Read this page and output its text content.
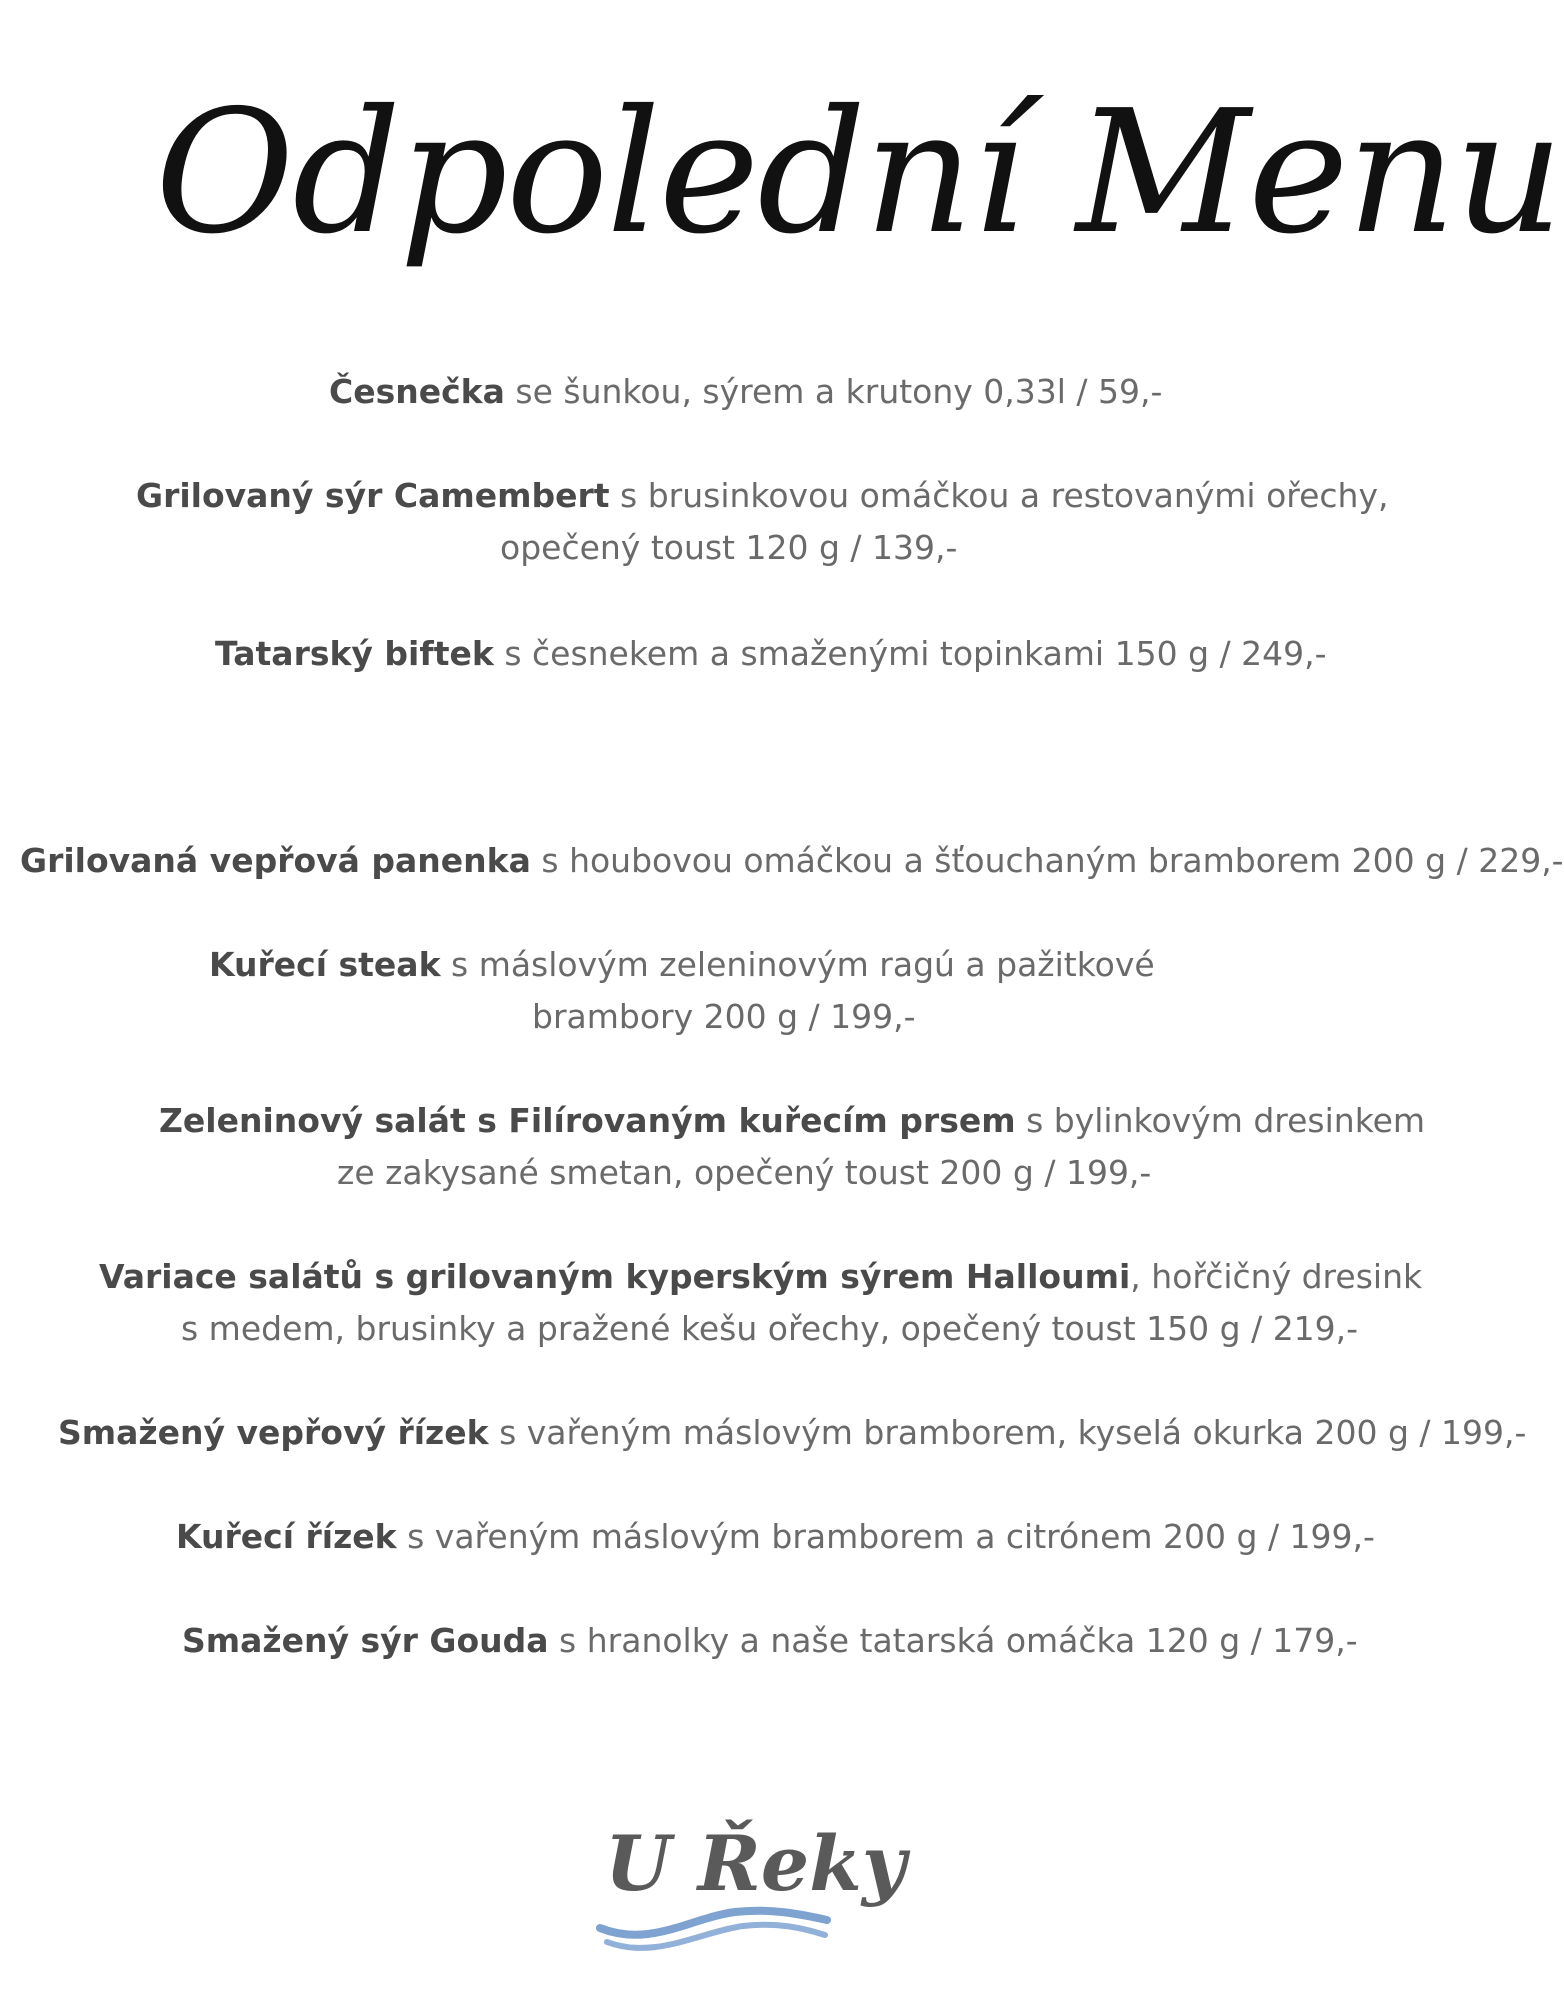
Odpolední Menu
Česnečka se šunkou, sýrem a krutony 0,33l / 59,-
Grilovaný sýr Camembert s brusinkovou omáčkou a restovanými ořechy,
opečený toust 120 g / 139,-
Tatarský biftek s česnekem a smaženými topinkami 150 g / 249,-
Grilovaná vepřová panenka s houbovou omáčkou a šťouchaným bramborem 200 g / 229,-
Kuřecí steak s máslovým zeleninovým ragú a pažitkové
brambory 200 g / 199,-
Zeleninový salát s Filírovaným kuřecím prsem s bylinkovým dresinkem
ze zakysané smetan, opečený toust 200 g / 199,-
Variace salátů s grilovaným kyperským sýrem Halloumi, hořčičný dresink
s medem, brusinky a pražené kešu ořechy, opečený toust 150 g / 219,-
Smažený vepřový řízek s vařeným máslovým bramborem, kyselá okurka 200 g / 199,-
Kuřecí řízek s vařeným máslovým bramborem a citrónem 200 g / 199,-
Smažený sýr Gouda s hranolky a naše tatarská omáčka 120 g / 179,-
U Řeky
